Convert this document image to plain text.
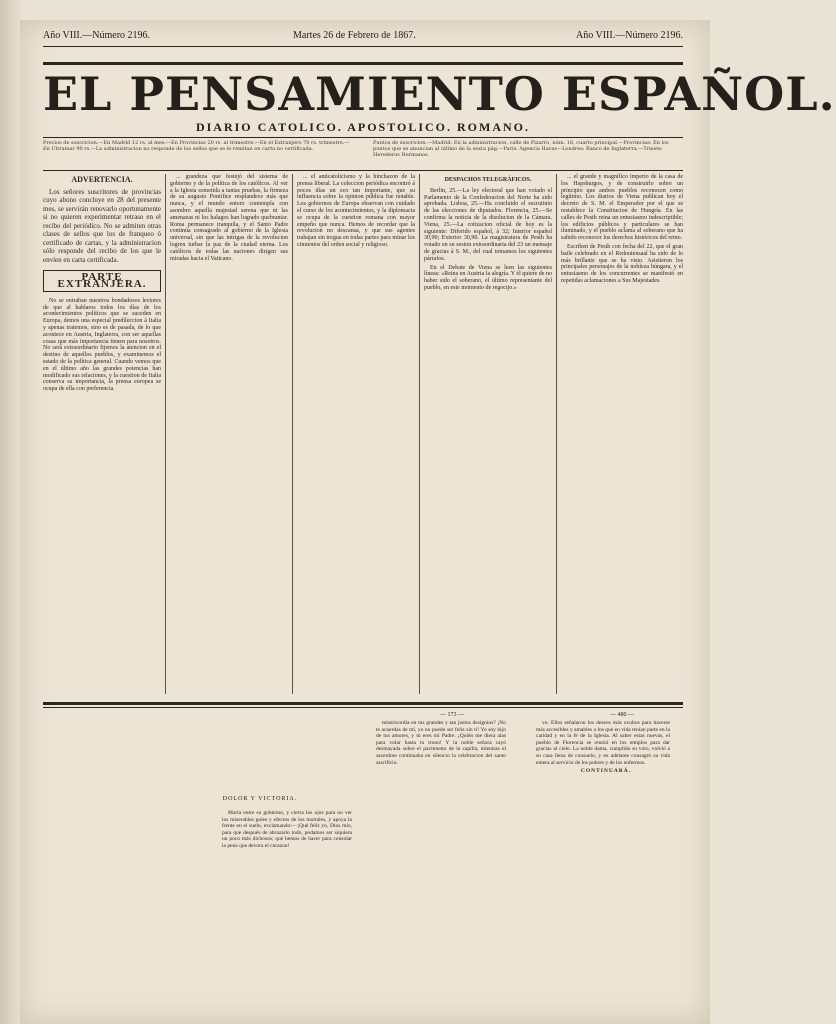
Año VIII.—Número 2196.	Martes 26 de Febrero de 1867.	Año VIII.—Número 2196.
EL PENSAMIENTO ESPAÑOL.
DIARIO CATOLICO. APOSTOLICO. ROMANO.
Precios de suscricion.—En Madrid 12 rs. al mes.—En Provincias 20 rs. al trimestre.—En el Extranjero 70 rs. trimestre.—En Ultramar 90 rs.—La administracion no responde de los sellos que se le remitan en carta no certificada.
Puntos de suscricion.—Madrid: En la administracion, calle de Pizarro, núm. 16, cuarto principal.—Provincias: En los puntos que se anuncian al último de la sexta pág.—París: Agencia Havas—Londres: Banco de Inglaterra.—Trieste: Herederos Hermanos.
ADVERTENCIA.

Los señores suscritores de provincias cuyo abono concluye en 28 del presente mes, se servirán renovarlo oportunamente si no quieren experimentar retraso en el recibo del periódico. No se admiten otras clases de sellos que los de franqueo ó certificado de cartas, y la administracion sólo responde del recibo de los que le envíen en carta certificada.

PARTE EXTRANJERA.

No se entraban nuestros bondadosos lectores de que al hablaros todos los días de los acontecimientos políticos que se suceden en Europa, demos una especial predileccion á Italia y apenas tratemos, sino es de pasada, de lo que acontece en Austria, Inglaterra, con ser aquellas cosas que más importancia tienen para nosotros. No será extraordinario fijemos la atencion en el destino de aquellos pueblos, y examinemos el estado de la política general. Cuando vemos que en el último año las grandes potencias han modificado sus relaciones, y la cuestion de Italia conserva su importancia, la prensa europea se ocupa de ella con preferencia.

... grandeza que festejó del sistema de gobierno y de la política de los católicos. Al ver a la Iglesia sometida a tantas pruebas, la firmeza de su augusto Pontífice resplandece más que nunca, y el mundo entero contempla con asombro aquella majestad serena que ni las amenazas ni los halagos han logrado quebrantar. Roma permanece tranquila, y el Santo Padre continúa consagrado al gobierno de la Iglesia universal, sin que las intrigas de la revolucion logren turbar la paz de la ciudad eterna. Los católicos de todas las naciones dirigen sus miradas hacia el Vaticano.

... el anticatolicismo y la hinchazon de la prensa liberal. La coleccion periódica encontró á pocos días un eco tan importante, que su influencia sobre la opinion pública fue notable. Los gobiernos de Europa observan con cuidado el curso de los acontecimientos, y la diplomacia se ocupa de la cuestion romana con mayor empeño que nunca. Hemos de recordar que la revolucion no descansa, y que sus agentes trabajan sin tregua en todas partes para minar los cimientos del orden social y religioso.

DESPACHOS TELEGRÁFICOS.

Berlin, 25.—La ley electoral que han votado el Parlamento de la Confederacion del Norte ha sido aprobada. Lisboa, 25.—Ha concluido el escrutinio de las elecciones de diputados. Florencia, 25.—Se confirma la noticia de la disolucion de la Cámara. Viena, 25.—La cotizacion oficial de hoy es la siguiente: Diferido español, á 32; Interior español 30,90; Exterior 30,90. La magistratura de Pesth ha votado en su sesion extraordinaria del 23 un mensaje de gracias á S. M., del cual tomamos los siguientes párrafos.

En el Debate de Viena se leen las siguientes líneas: «Reina en Austria la alegría. Y él quiere de no haber sido el soberano, el último representante del pueblo, en este momento de regocijo.»

... el grande y magnífico imperio de la casa de los Hapsburgos, y de construirlo sobre un principio que ambos pueblos reconocen como legítimo. Los diarios de Viena publican hoy el decreto de S. M. el Emperador por el que se restablece la Constitucion de Hungría. En las calles de Pesth reina un entusiasmo indescriptible; los edificios públicos y particulares se han iluminado, y el pueblo aclama al soberano que ha sabido reconocer los derechos históricos del reino.

Escriben de Pesth con fecha del 22, que el gran baile celebrado en el Redoutensaal ha sido de lo más brillante que se ha visto. Asistieron los principales personajes de la nobleza húngara, y el entusiasmo de los concurrentes se manifestó en repetidas aclamaciones a Sus Majestades.

— 173 —	— 480 —
DOLOR Y VICTORIA.

María entre su gobierno, y cierra los ojos para no ver los miserables goles y efectos de los mortales, y apoya la frente en el suelo, exclamando:—¡Qué feliz yo, Dios mío, para que después de abrazarlo todo, podamos ser siquiera un poco más dichosos; qué hemos de hacer para consolar la pena que devora el corazon!

misericordia en tus grandes y tan justos designios? ¡No te acuerdas de mí, yo no puedo ser feliz sin ti! Yo soy hijo de tus amores, y tú eres mi Padre. ¡Quién me diera alas para volar hasta tu trono! Y la noble señora cayó desmayada sobre el pavimento de la capilla, mientras el sacerdote continuaba en silencio la celebracion del santo sacrificio.

vo. Ellos señalaron los deseos más ocultos para hacerse más accesibles y amables a los que en vida tenían parte en la caridad y en la fe de la Iglesia. Al saber estas nuevas, el pueblo de Florencia se reunió en los templos para dar gracias al cielo. La noble dama, cumplido su voto, volvió a su casa llena de consuelo, y en adelante consagró su vida entera al servicio de los pobres y de los enfermos.

CONTINUARÁ.
